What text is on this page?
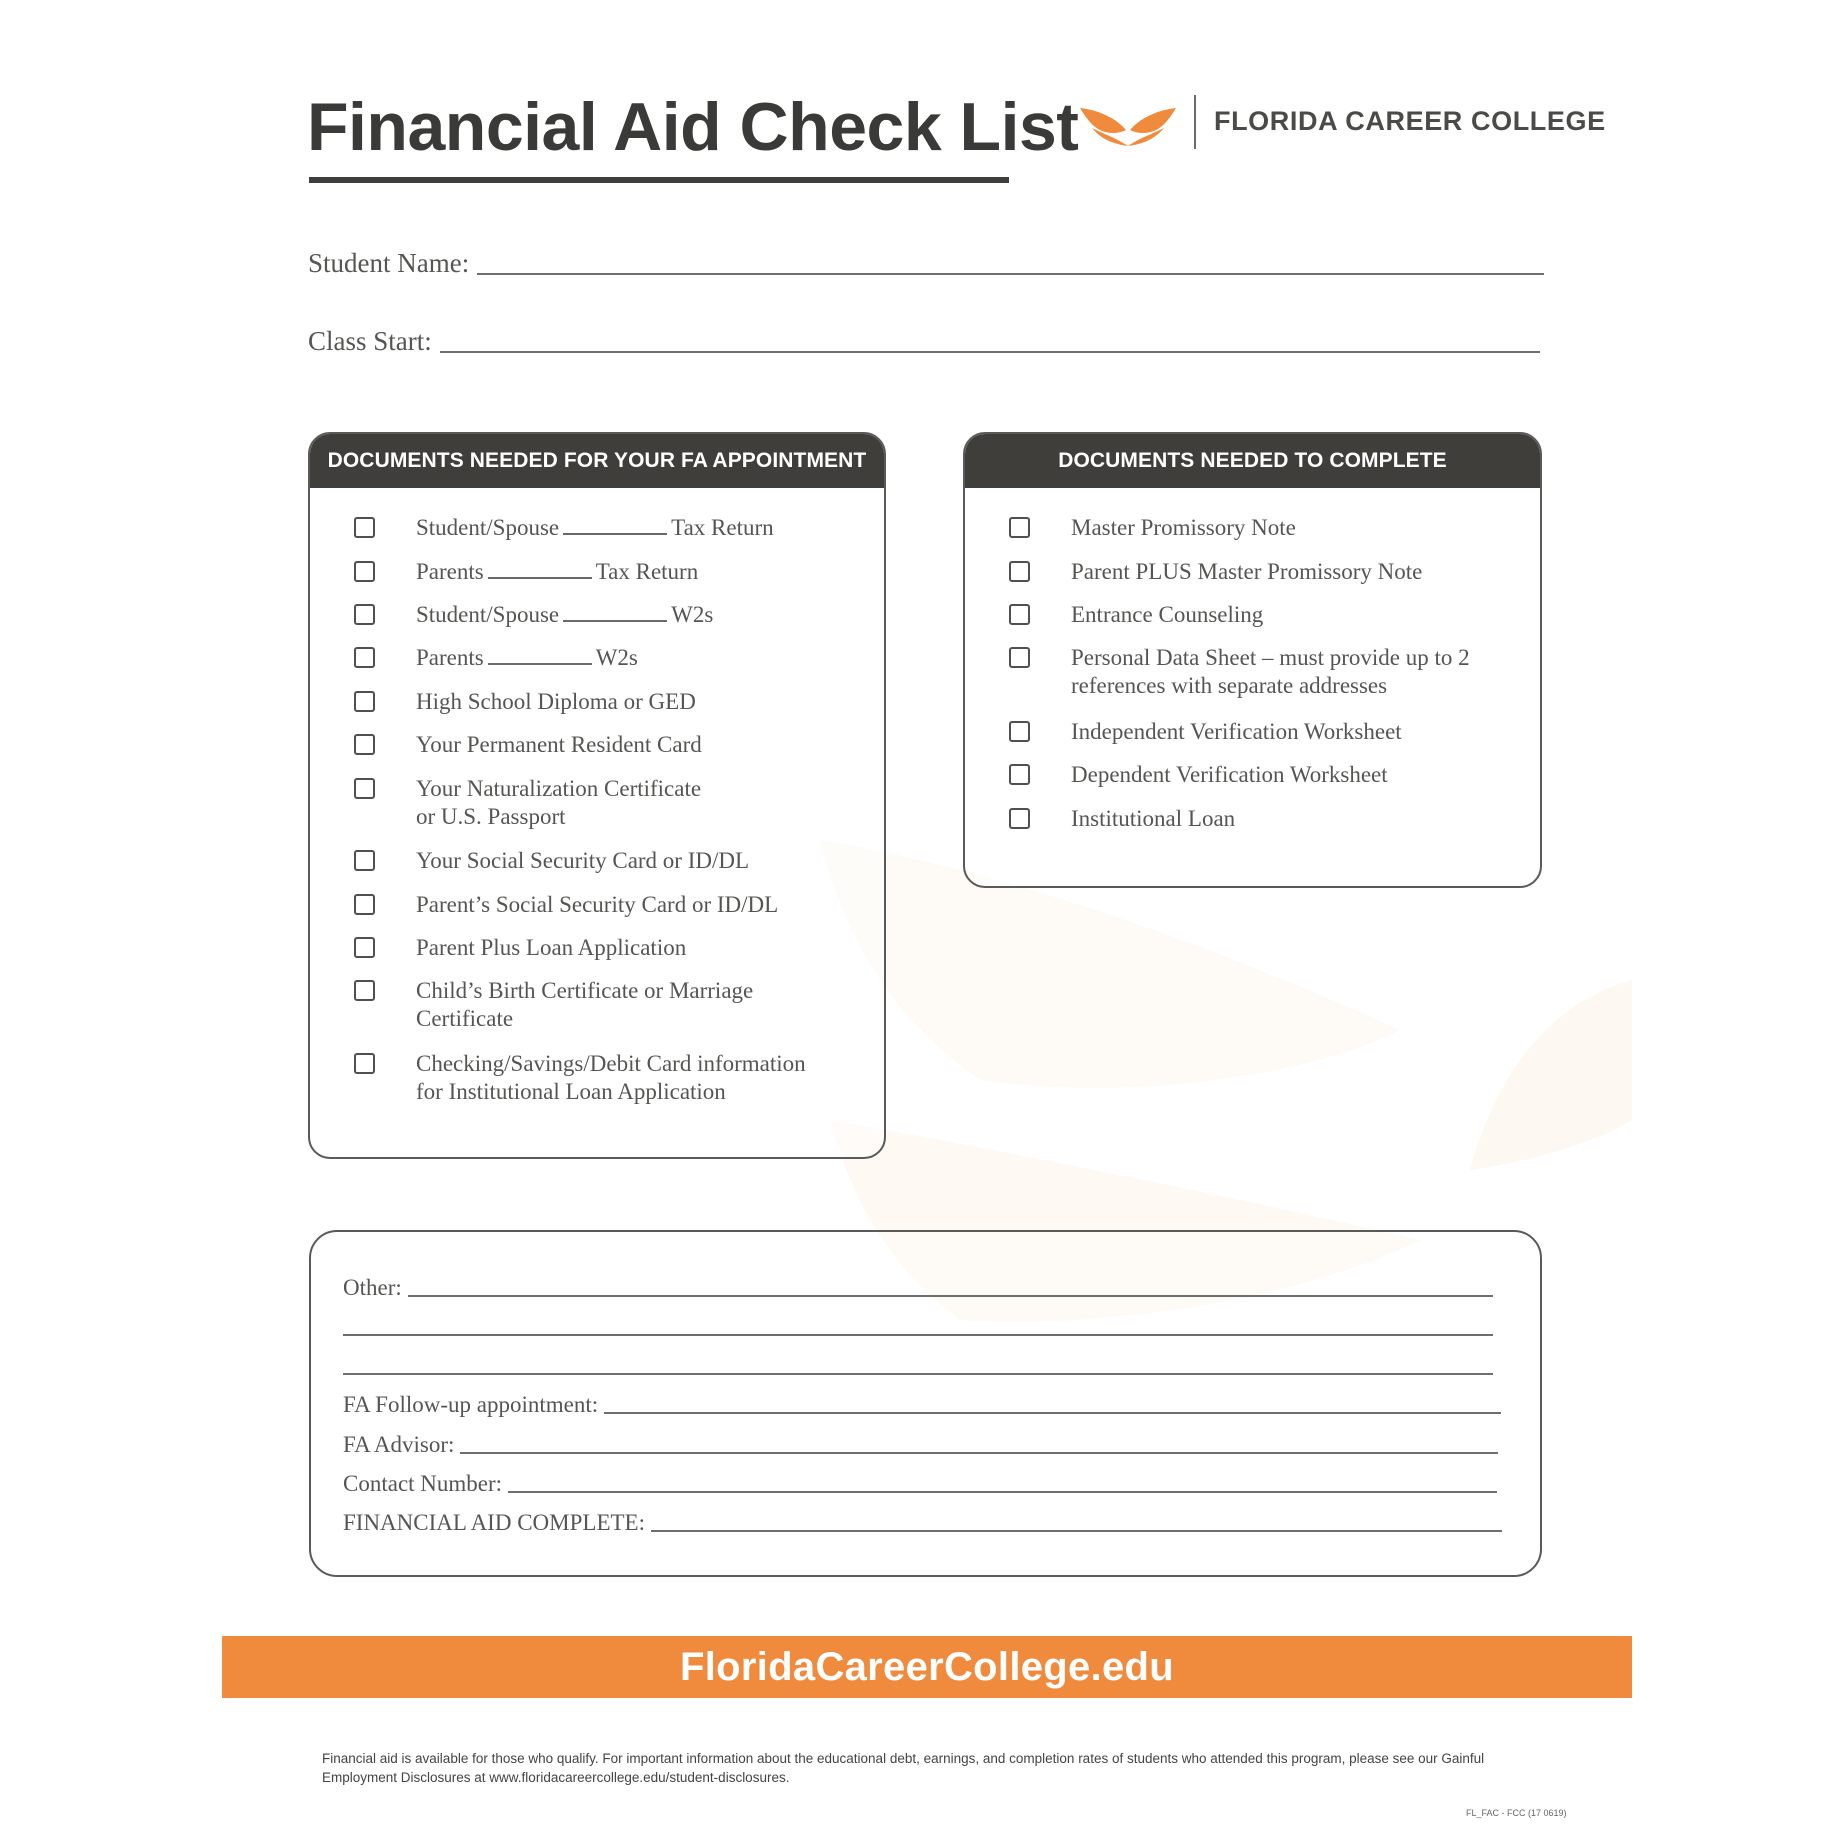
Financial Aid Check List	FLORIDA CAREER COLLEGE
Student Name:
Class Start:
DOCUMENTS NEEDED FOR YOUR FA APPOINTMENT
Student/Spouse	Tax Return
Parents	Tax Return
Student/Spouse	W2s
Parents	W2s
High School Diploma or GED
Your Permanent Resident Card
Your Naturalization Certificate
or U.S. Passport
Your Social Security Card or ID/DL
Parent’s Social Security Card or ID/DL
Parent Plus Loan Application
Child’s Birth Certificate or Marriage
Certificate
Checking/Savings/Debit Card information
for Institutional Loan Application
DOCUMENTS NEEDED TO COMPLETE
Master Promissory Note
Parent PLUS Master Promissory Note
Entrance Counseling
Personal Data Sheet – must provide up to 2
references with separate addresses
Independent Verification Worksheet
Dependent Verification Worksheet
Institutional Loan
Other:
FA Follow-up appointment:
FA Advisor:
Contact Number:
FINANCIAL AID COMPLETE:
FloridaCareerCollege.edu
Financial aid is available for those who qualify. For important information about the educational debt, earnings, and completion rates of students who attended this program, please see our Gainful Employment Disclosures at www.floridacareercollege.edu/student-disclosures.
FL_FAC - FCC (17 0619)
